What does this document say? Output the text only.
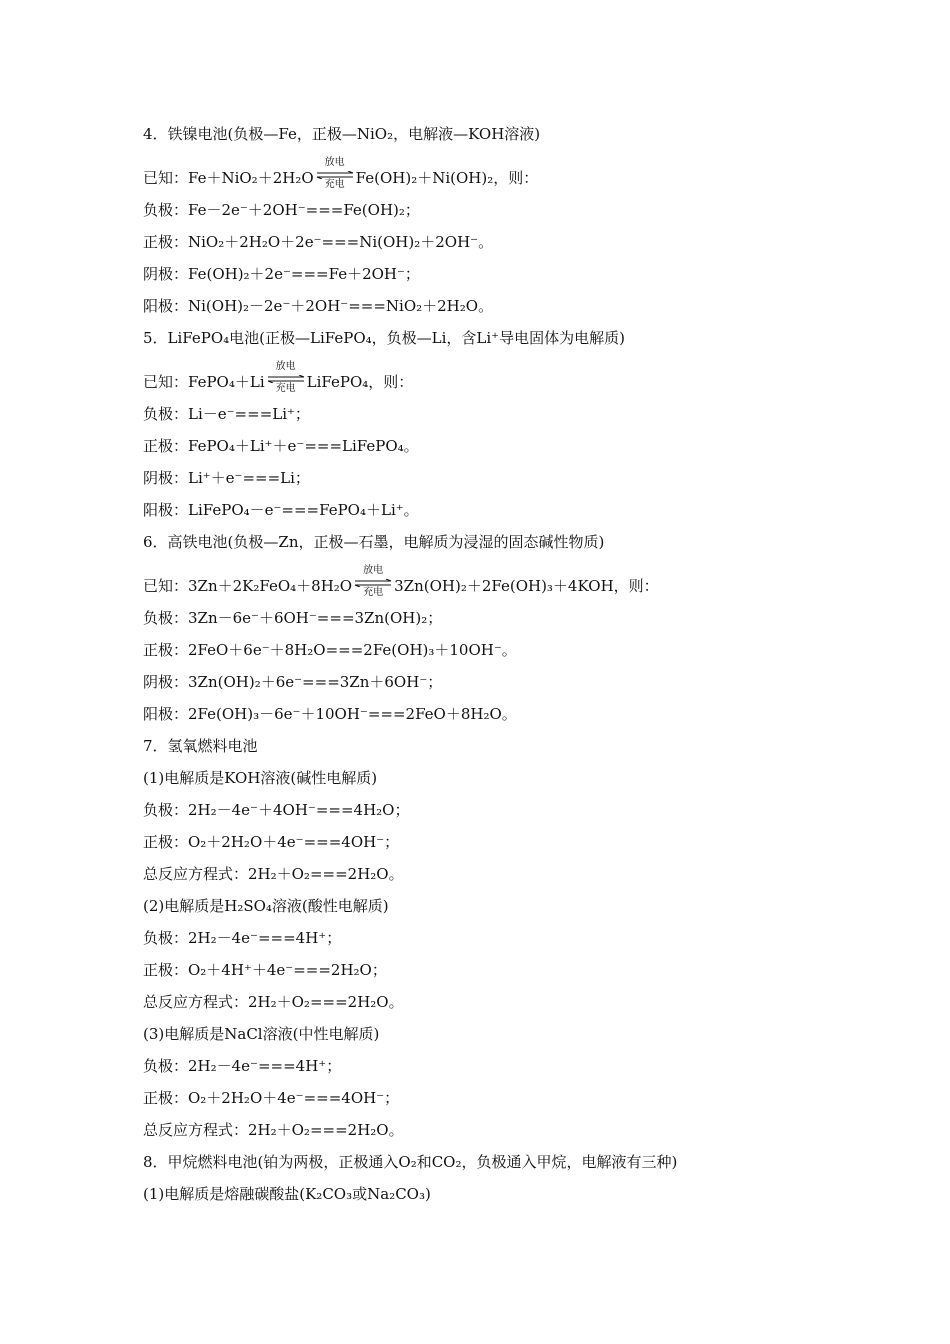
4．铁镍电池(负极—Fe，正极—NiO₂，电解液—KOH溶液)
已知：Fe＋NiO₂＋2H₂O
放电
充电 Fe(OH)₂＋Ni(OH)₂，则：
负极：Fe－2e⁻＋2OH⁻===Fe(OH)₂；
正极：NiO₂＋2H₂O＋2e⁻===Ni(OH)₂＋2OH⁻。
阴极：Fe(OH)₂＋2e⁻===Fe＋2OH⁻；
阳极：Ni(OH)₂－2e⁻＋2OH⁻===NiO₂＋2H₂O。
5．LiFePO₄电池(正极—LiFePO₄，负极—Li，含Li⁺导电固体为电解质)
已知：FePO₄＋Li
放电
充电 LiFePO₄，则：
负极：Li－e⁻===Li⁺；
正极：FePO₄＋Li⁺＋e⁻===LiFePO₄。
阴极：Li⁺＋e⁻===Li；
阳极：LiFePO₄－e⁻===FePO₄＋Li⁺。
6．高铁电池(负极—Zn，正极—石墨，电解质为浸湿的固态碱性物质)
已知：3Zn＋2K₂FeO₄＋8H₂O
放电
充电 3Zn(OH)₂＋2Fe(OH)₃＋4KOH，则：
负极：3Zn－6e⁻＋6OH⁻===3Zn(OH)₂；
正极：2FeO＋6e⁻＋8H₂O===2Fe(OH)₃＋10OH⁻。
阴极：3Zn(OH)₂＋6e⁻===3Zn＋6OH⁻；
阳极：2Fe(OH)₃－6e⁻＋10OH⁻===2FeO＋8H₂O。
7．氢氧燃料电池
(1)电解质是KOH溶液(碱性电解质)
负极：2H₂－4e⁻＋4OH⁻===4H₂O；
正极：O₂＋2H₂O＋4e⁻===4OH⁻；
总反应方程式：2H₂＋O₂===2H₂O。
(2)电解质是H₂SO₄溶液(酸性电解质)
负极：2H₂－4e⁻===4H⁺；
正极：O₂＋4H⁺＋4e⁻===2H₂O；
总反应方程式：2H₂＋O₂===2H₂O。
(3)电解质是NaCl溶液(中性电解质)
负极：2H₂－4e⁻===4H⁺；
正极：O₂＋2H₂O＋4e⁻===4OH⁻；
总反应方程式：2H₂＋O₂===2H₂O。
8．甲烷燃料电池(铂为两极，正极通入O₂和CO₂，负极通入甲烷，电解液有三种)
(1)电解质是熔融碳酸盐(K₂CO₃或Na₂CO₃)
